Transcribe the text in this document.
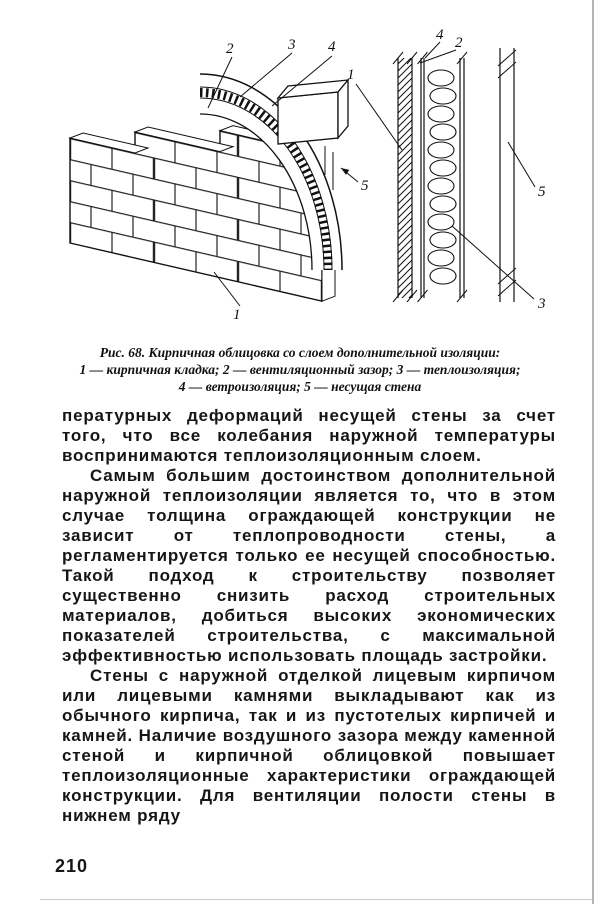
2	3 4
1
5
4 2
1
5
3
Рис. 68. Кирпичная облицовка со слоем дополнительной изоляции:
1 — кирпичная кладка; 2 — вентиляционный зазор; 3 — теплоизоляция;
4 — ветроизоляция; 5 — несущая стена

пературных деформаций несущей стены за счет того, что все колебания наружной температуры воспринимаются теплоизоляционным слоем.

Самым большим достоинством дополнительной наружной теплоизоляции является то, что в этом случае толщина ограждающей конструкции не зависит от теплопроводности стены, а регламентируется только ее несущей способностью. Такой подход к строительству позволяет существенно снизить расход строительных материалов, добиться высоких экономических показателей строительства, с максимальной эффективностью использовать площадь застройки.

Стены с наружной отделкой лицевым кирпичом или лицевыми камнями выкладывают как из обычного кирпича, так и из пустотелых кирпичей и камней. Наличие воздушного зазора между каменной стеной и кирпичной облицовкой повышает теплоизоляционные характеристики ограждающей конструкции. Для вентиляции полости стены в нижнем ряду

210
